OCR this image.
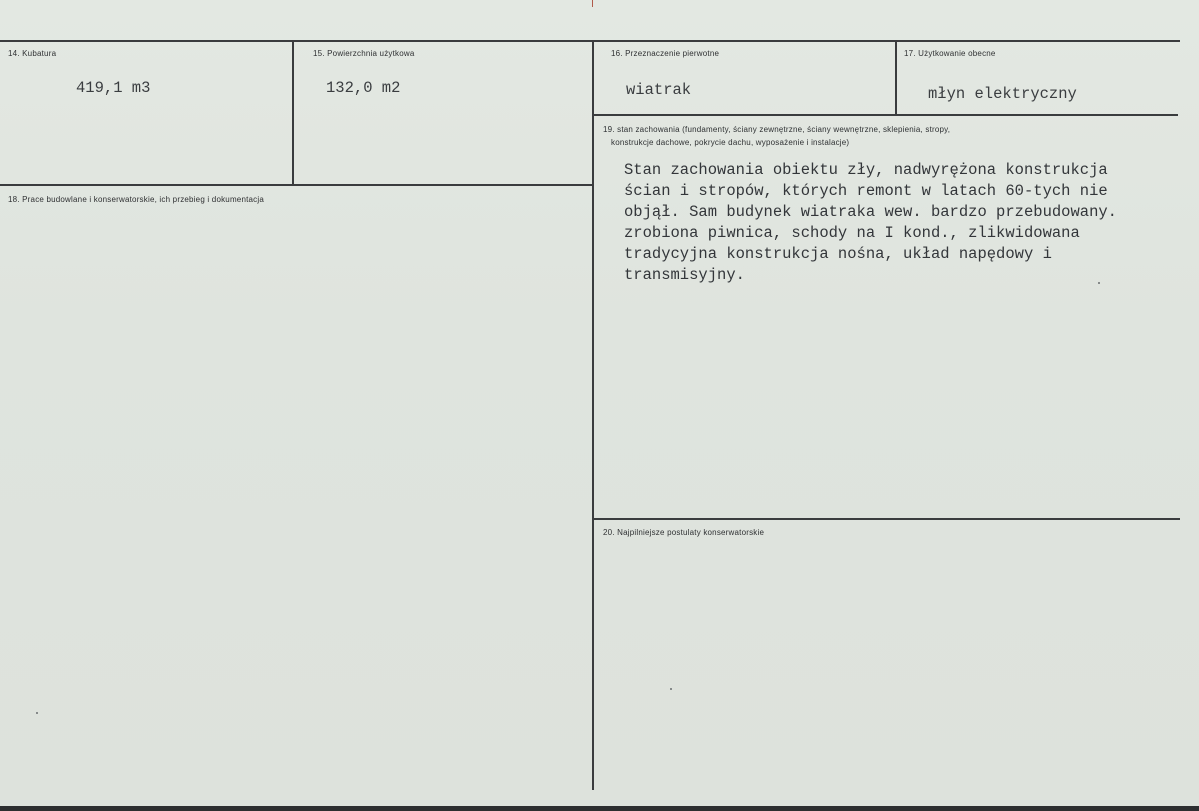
14. Kubatura
419,1 m3
15. Powierzchnia użytkowa
132,0 m2
16. Przeznaczenie pierwotne
wiatrak
17. Użytkowanie obecne
młyn elektryczny
19. stan zachowania (fundamenty, ściany zewnętrzne, ściany wewnętrzne, sklepienia, stropy,
konstrukcje dachowe, pokrycie dachu, wyposażenie i instalacje)
Stan zachowania obiektu zły, nadwyrężona konstrukcja
ścian i stropów, których remont w latach 60-tych nie
objął. Sam budynek wiatraka wew. bardzo przebudowany.
zrobiona piwnica, schody na I kond., zlikwidowana
tradycyjna konstrukcja nośna, układ napędowy i
transmisyjny.
18. Prace budowlane i konserwatorskie, ich przebieg i dokumentacja
20. Najpilniejsze postulaty konserwatorskie
